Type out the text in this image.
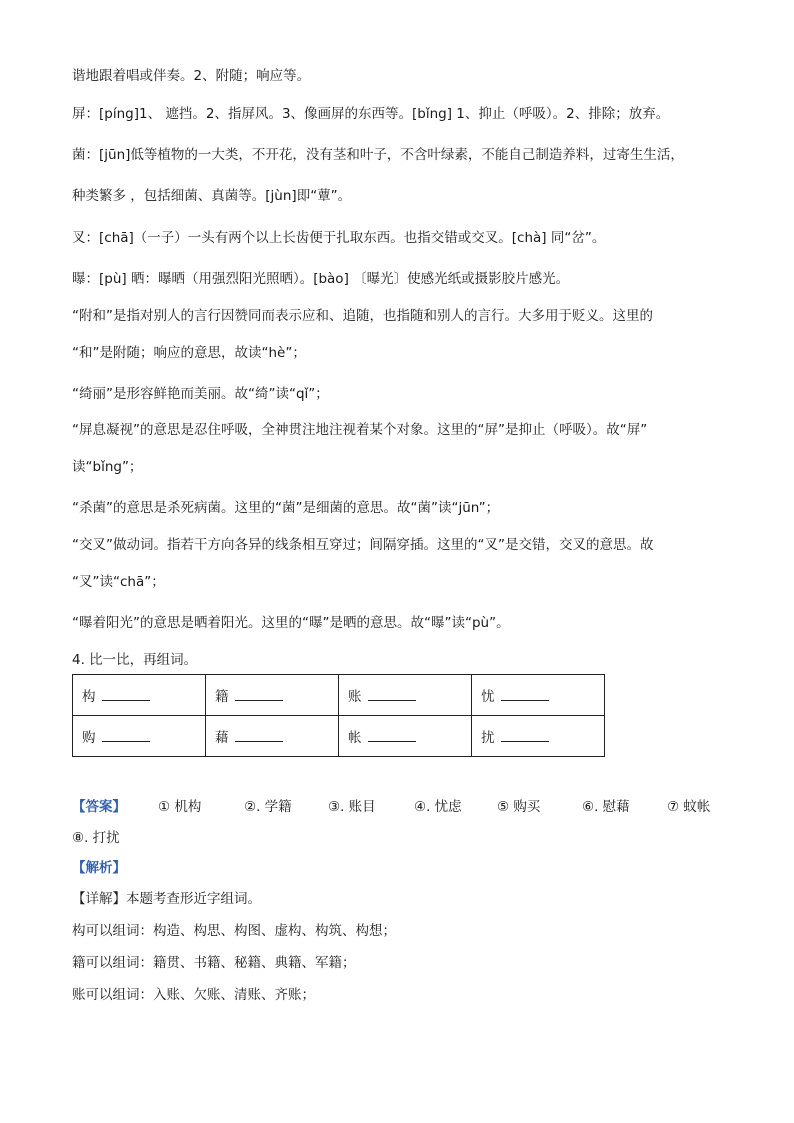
谐地跟着唱或伴奏。2、附随；响应等。
屏：[píng]1、 遮挡。2、指屏风。3、像画屏的东西等。[bǐng] 1、抑止（呼吸）。2、排除；放弃。
菌：[jūn]低等植物的一大类，不开花，没有茎和叶子，不含叶绿素，不能自己制造养料，过寄生生活，
种类繁多 ，包括细菌、真菌等。[jùn]即“蕈”。
叉：[chā]（一子）一头有两个以上长齿便于扎取东西。也指交错或交叉。[chà] 同“岔”。
曝：[pù] 晒：曝晒（用强烈阳光照晒）。[bào] 〔曝光〕使感光纸或摄影胶片感光。
“附和”是指对别人的言行因赞同而表示应和、追随，也指随和别人的言行。大多用于贬义。这里的
“和”是附随；响应的意思，故读“hè”；
“绮丽”是形容鲜艳而美丽。故“绮”读“qǐ”；
“屏息凝视”的意思是忍住呼吸，全神贯注地注视着某个对象。这里的“屏”是抑止（呼吸）。故“屏”
读“bǐng”；
“杀菌”的意思是杀死病菌。这里的“菌”是细菌的意思。故“菌”读“jūn”；
“交叉”做动词。指若干方向各异的线条相互穿过；间隔穿插。这里的“叉”是交错，交叉的意思。故
“叉”读“chā”；
“曝着阳光”的意思是晒着阳光。这里的“曝”是晒的意思。故“曝”读“pù”。
4. 比一比，再组词。
构	籍	账	忧
购	藉	帐	扰
【答案】 ① 机构	②. 学籍	③. 账目	④. 忧虑	⑤ 购买	⑥. 慰藉	⑦ 蚊帐
⑧. 打扰
【解析】
【详解】本题考查形近字组词。
构可以组词：构造、构思、构图、虚构、构筑、构想；
籍可以组词：籍贯、书籍、秘籍、典籍、军籍；
账可以组词：入账、欠账、清账、齐账；
